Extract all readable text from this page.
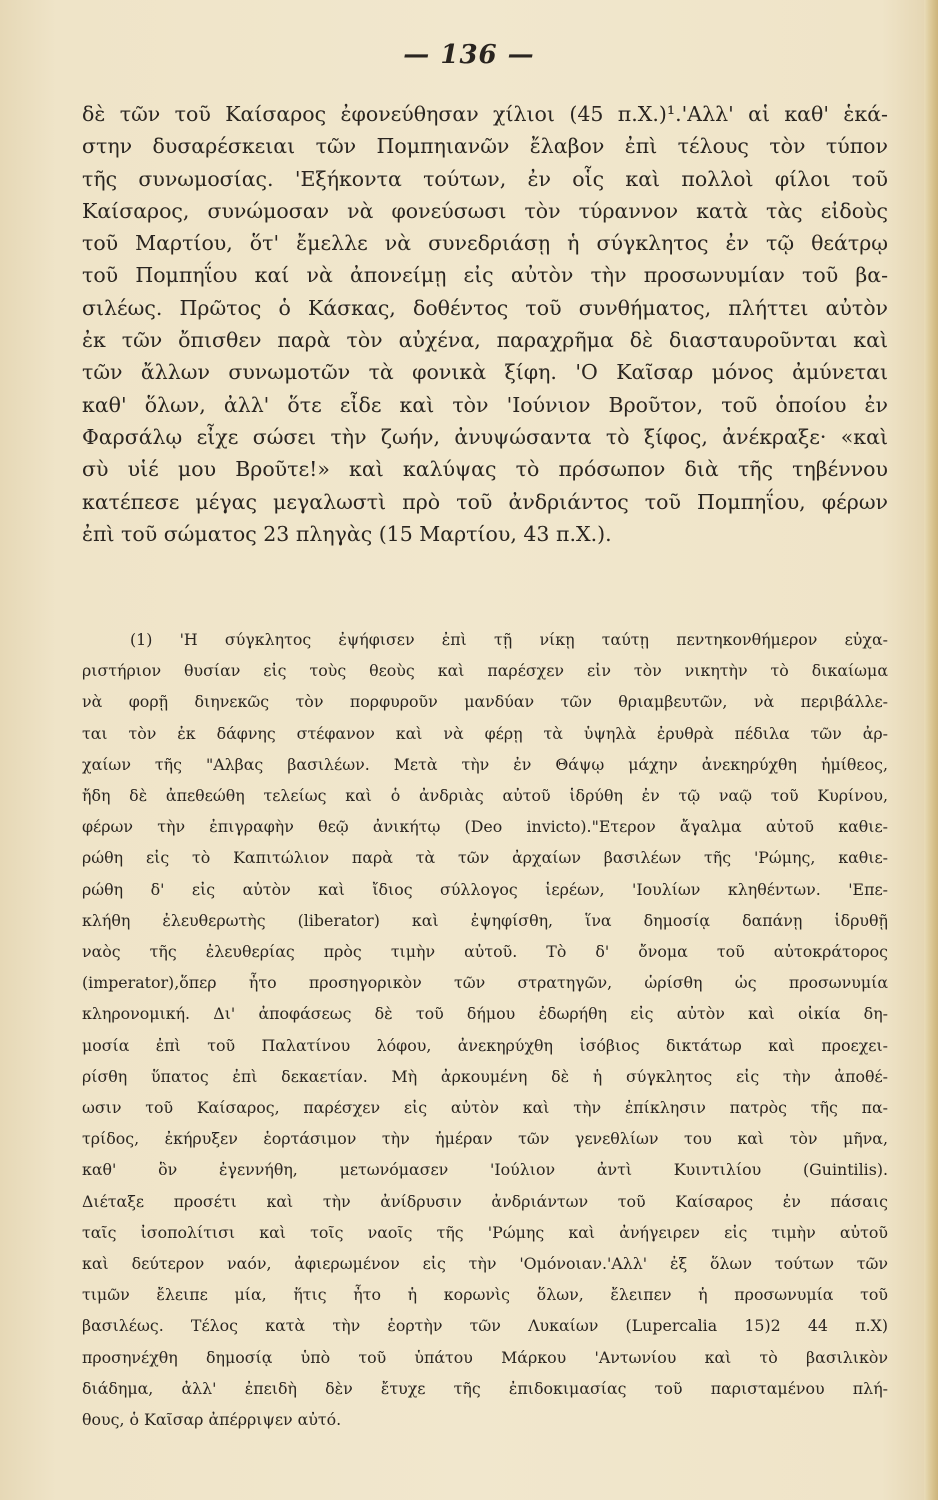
— 136 —
δὲ τῶν τοῦ Καίσαρος ἐφονεύθησαν χίλιοι (45 π.Χ.)¹.'Αλλ' αἱ καθ' ἑκά-
στην δυσαρέσκειαι τῶν Πομπηιανῶν ἔλαβον ἐπὶ τέλους τὸν τύπον
τῆς συνωμοσίας. 'Εξήκοντα τούτων, ἐν οἷς καὶ πολλοὶ φίλοι τοῦ
Καίσαρος, συνώμοσαν νὰ φονεύσωσι τὸν τύραννον κατὰ τὰς εἰδοὺς
τοῦ Μαρτίου, ὅτ' ἔμελλε νὰ συνεδριάσῃ ἡ σύγκλητος ἐν τῷ θεάτρῳ
τοῦ Πομπηΐου καί νὰ ἀπονείμῃ εἰς αὐτὸν τὴν προσωνυμίαν τοῦ βα-
σιλέως. Πρῶτος ὁ Κάσκας, δοθέντος τοῦ συνθήματος, πλήττει αὐτὸν
ἐκ τῶν ὄπισθεν παρὰ τὸν αὐχένα, παραχρῆμα δὲ διασταυροῦνται καὶ
τῶν ἄλλων συνωμοτῶν τὰ φονικὰ ξίφη. 'Ο Καῖσαρ μόνος ἀμύνεται
καθ' ὅλων, ἀλλ' ὅτε εἶδε καὶ τὸν 'Ιούνιον Βροῦτον, τοῦ ὁποίου ἐν
Φαρσάλῳ εἶχε σώσει τὴν ζωήν, ἀνυψώσαντα τὸ ξίφος, ἀνέκραξε· «καὶ
σὺ υἱέ μου Βροῦτε!» καὶ καλύψας τὸ πρόσωπον διὰ τῆς τηβέννου
κατέπεσε μέγας μεγαλωστὶ πρὸ τοῦ ἀνδριάντος τοῦ Πομπηΐου, φέρων
ἐπὶ τοῦ σώματος 23 πληγὰς (15 Μαρτίου, 43 π.Χ.).
(1) 'Η σύγκλητος ἐψήφισεν ἐπὶ τῇ νίκῃ ταύτῃ πεντηκονθήμερον εὐχα-
ριστήριον θυσίαν εἰς τοὺς θεοὺς καὶ παρέσχεν εἰν τὸν νικητὴν τὸ δικαίωμα
νὰ φορῇ διηνεκῶς τὸν πορφυροῦν μανδύαν τῶν θριαμβευτῶν, νὰ περιβάλλε-
ται τὸν ἐκ δάφνης στέφανον καὶ νὰ φέρῃ τὰ ὑψηλὰ ἐρυθρὰ πέδιλα τῶν ἀρ-
χαίων τῆς "Αλβας βασιλέων. Μετὰ τὴν ἐν Θάψῳ μάχην ἀνεκηρύχθη ἡμίθεος,
ἤδη δὲ ἀπεθεώθη τελείως καὶ ὁ ἀνδριὰς αὐτοῦ ἱδρύθη ἐν τῷ ναῷ τοῦ Κυρίνου,
φέρων τὴν ἐπιγραφὴν θεῷ ἀνικήτῳ (Deo invicto)."Ετερον ἄγαλμα αὐτοῦ καθιε-
ρώθη εἰς τὸ Καπιτώλιον παρὰ τὰ τῶν ἀρχαίων βασιλέων τῆς 'Ρώμης, καθιε-
ρώθη δ' εἰς αὐτὸν καὶ ἴδιος σύλλογος ἱερέων, 'Ιουλίων κληθέντων. 'Επε-
κλήθη ἐλευθερωτὴς (liberator) καὶ ἐψηφίσθη, ἵνα δημοσίᾳ δαπάνῃ ἱδρυθῇ
ναὸς τῆς ἐλευθερίας πρὸς τιμὴν αὐτοῦ. Τὸ δ' ὄνομα τοῦ αὐτοκράτορος
(imperator),ὅπερ ἦτο προσηγορικὸν τῶν στρατηγῶν, ὡρίσθη ὡς προσωνυμία
κληρονομική. Δι' ἀποφάσεως δὲ τοῦ δήμου ἐδωρήθη εἰς αὐτὸν καὶ οἰκία δη-
μοσία ἐπὶ τοῦ Παλατίνου λόφου, ἀνεκηρύχθη ἰσόβιος δικτάτωρ καὶ προεχει-
ρίσθη ὕπατος ἐπὶ δεκαετίαν. Μὴ ἀρκουμένη δὲ ἡ σύγκλητος εἰς τὴν ἀποθέ-
ωσιν τοῦ Καίσαρος, παρέσχεν εἰς αὐτὸν καὶ τὴν ἐπίκλησιν πατρὸς τῆς πα-
τρίδος, ἐκήρυξεν ἑορτάσιμον τὴν ἡμέραν τῶν γενεθλίων του καὶ τὸν μῆνα,
καθ' ὃν ἐγεννήθη, μετωνόμασεν 'Ιούλιον ἀντὶ Κυιντιλίου (Guintilis).
Διέταξε προσέτι καὶ τὴν ἀνίδρυσιν ἀνδριάντων τοῦ Καίσαρος ἐν πάσαις
ταῖς ἰσοπολίτισι καὶ τοῖς ναοῖς τῆς 'Ρώμης καὶ ἀνήγειρεν εἰς τιμὴν αὐτοῦ
καὶ δεύτερον ναόν, ἀφιερωμένον εἰς τὴν 'Ομόνοιαν.'Αλλ' ἐξ ὅλων τούτων τῶν
τιμῶν ἔλειπε μία, ἥτις ἦτο ἡ κορωνὶς ὅλων, ἔλειπεν ἡ προσωνυμία τοῦ
βασιλέως. Τέλος κατὰ τὴν ἑορτὴν τῶν Λυκαίων (Lupercalia 15)2 44 π.Χ)
προσηνέχθη δημοσίᾳ ὑπὸ τοῦ ὑπάτου Μάρκου 'Αντωνίου καὶ τὸ βασιλικὸν
διάδημα, ἀλλ' ἐπειδὴ δὲν ἔτυχε τῆς ἐπιδοκιμασίας τοῦ παρισταμένου πλή-
θους, ὁ Καῖσαρ ἀπέρριψεν αὐτό.
